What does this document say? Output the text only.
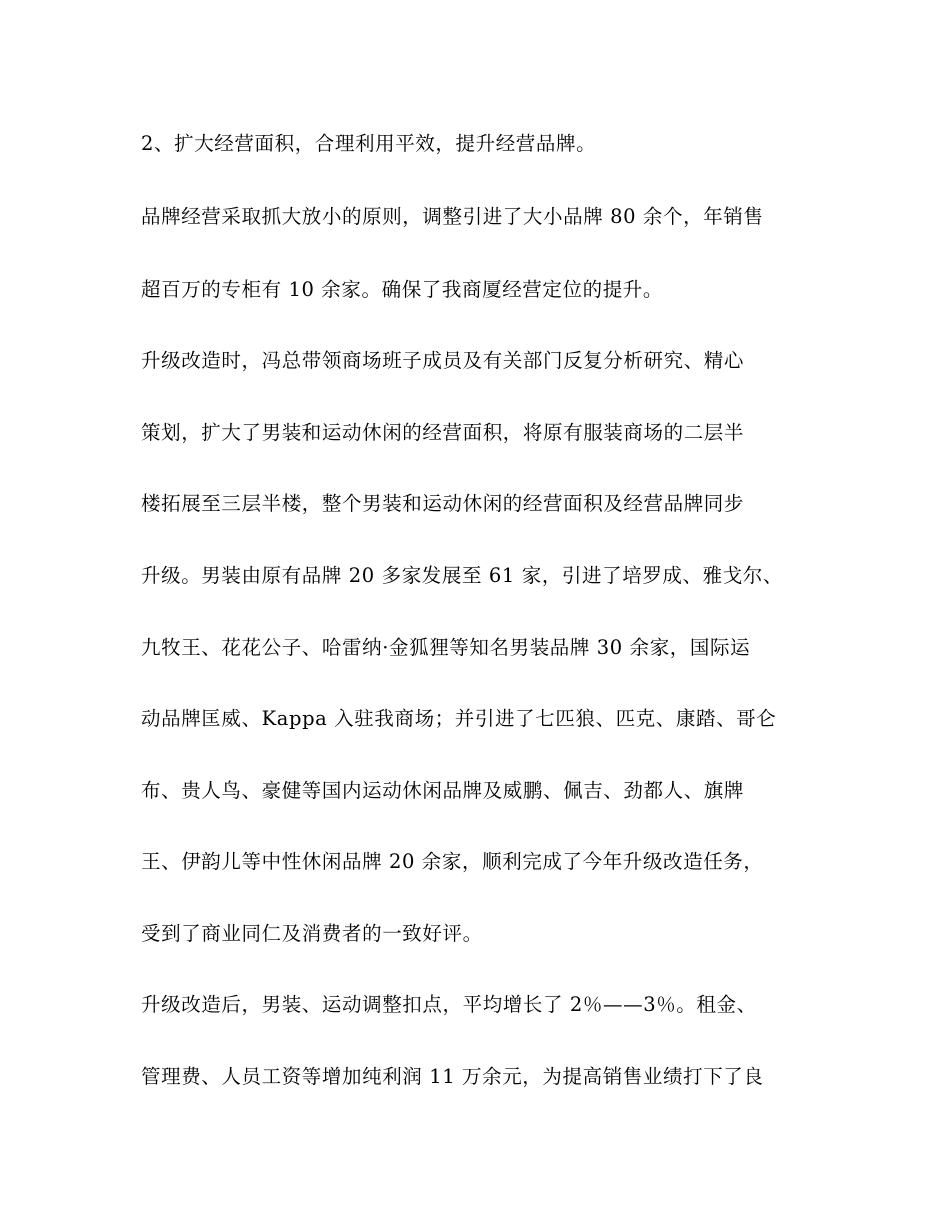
2、扩大经营面积，合理利用平效，提升经营品牌。
品牌经营采取抓大放小的原则，调整引进了大小品牌 80 余个，年销售
超百万的专柜有 10 余家。确保了我商厦经营定位的提升。
升级改造时，冯总带领商场班子成员及有关部门反复分析研究、精心
策划，扩大了男装和运动休闲的经营面积，将原有服装商场的二层半
楼拓展至三层半楼，整个男装和运动休闲的经营面积及经营品牌同步
升级。男装由原有品牌 20 多家发展至 61 家，引进了培罗成、雅戈尔、
九牧王、花花公子、哈雷纳·金狐狸等知名男装品牌 30 余家，国际运
动品牌匡威、Kappa 入驻我商场；并引进了七匹狼、匹克、康踏、哥仑
布、贵人鸟、豪健等国内运动休闲品牌及威鹏、佩吉、劲都人、旗牌
王、伊韵儿等中性休闲品牌 20 余家，顺利完成了今年升级改造任务，
受到了商业同仁及消费者的一致好评。
升级改造后，男装、运动调整扣点，平均增长了 2％——3％。租金、
管理费、人员工资等增加纯利润 11 万余元，为提高销售业绩打下了良
